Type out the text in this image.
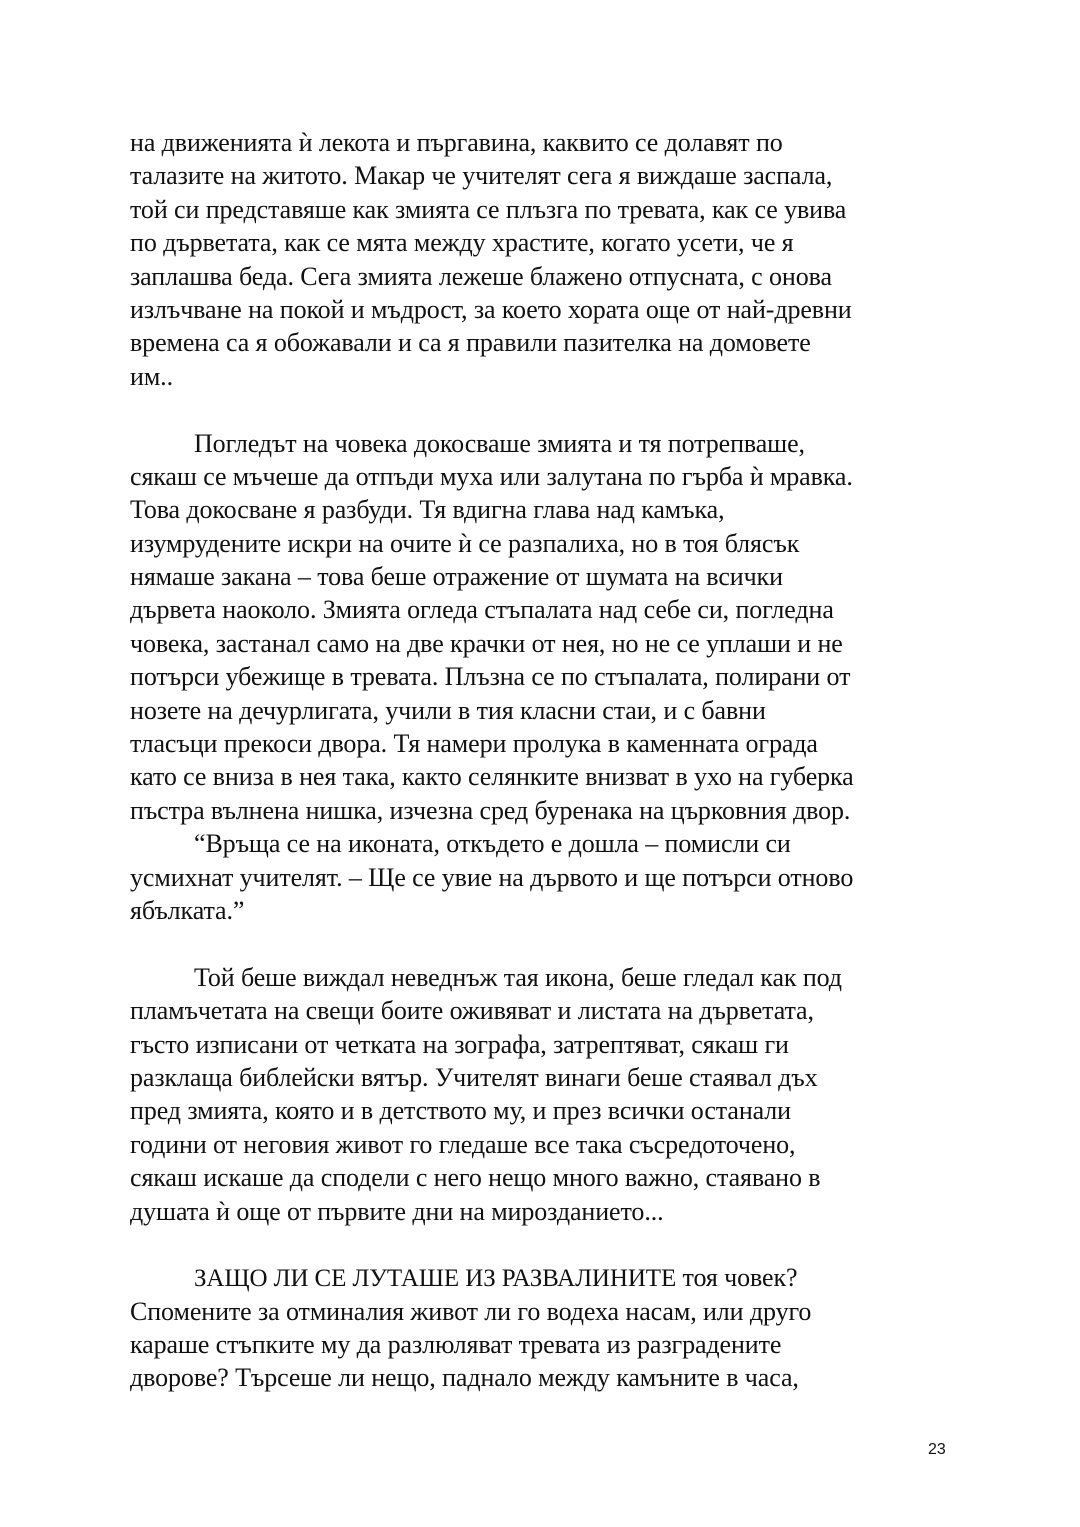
на движенията ѝ лекота и пъргавина, каквито се долавят по
талазите на житото. Макар че учителят сега я виждаше заспала,
той си представяше как змията се плъзга по тревата, как се увива
по дърветата, как се мята между храстите, когато усети, че я
заплашва беда. Сега змията лежеше блажено отпусната, с онова
излъчване на покой и мъдрост, за което хората още от най-древни
времена са я обожавали и са я правили пазителка на домовете
им..
Погледът на човека докосваше змията и тя потрепваше,
сякаш се мъчеше да отпъди муха или залутана по гърба ѝ мравка.
Това докосване я разбуди. Тя вдигна глава над камъка,
изумрудените искри на очите ѝ се разпалиха, но в тоя блясък
нямаше закана – това беше отражение от шумата на всички
дървета наоколо. Змията огледа стъпалата над себе си, погледна
човека, застанал само на две крачки от нея, но не се уплаши и не
потърси убежище в тревата. Плъзна се по стъпалата, полирани от
нозете на дечурлигата, учили в тия класни стаи, и с бавни
тласъци прекоси двора. Тя намери пролука в каменната ограда
като се вниза в нея така, както селянките внизват в ухо на губерка
пъстра вълнена нишка, изчезна сред буренака на църковния двор.
“Връща се на иконата, откъдето е дошла – помисли си
усмихнат учителят. – Ще се увие на дървото и ще потърси отново
ябълката.”
Той беше виждал неведнъж тая икона, беше гледал как под
пламъчетата на свещи боите оживяват и листата на дърветата,
гъсто изписани от четката на зографа, затрептяват, сякаш ги
разклаща библейски вятър. Учителят винаги беше стаявал дъх
пред змията, която и в детството му, и през всички останали
години от неговия живот го гледаше все така съсредоточено,
сякаш искаше да сподели с него нещо много важно, стаявано в
душата ѝ още от първите дни на мирозданието...
ЗАЩО ЛИ СЕ ЛУТАШЕ ИЗ РАЗВАЛИНИТЕ тоя човек?
Спомените за отминалия живот ли го водеха насам, или друго
караше стъпките му да разлюляват тревата из разградените
дворове? Търсеше ли нещо, паднало между камъните в часа,
23
